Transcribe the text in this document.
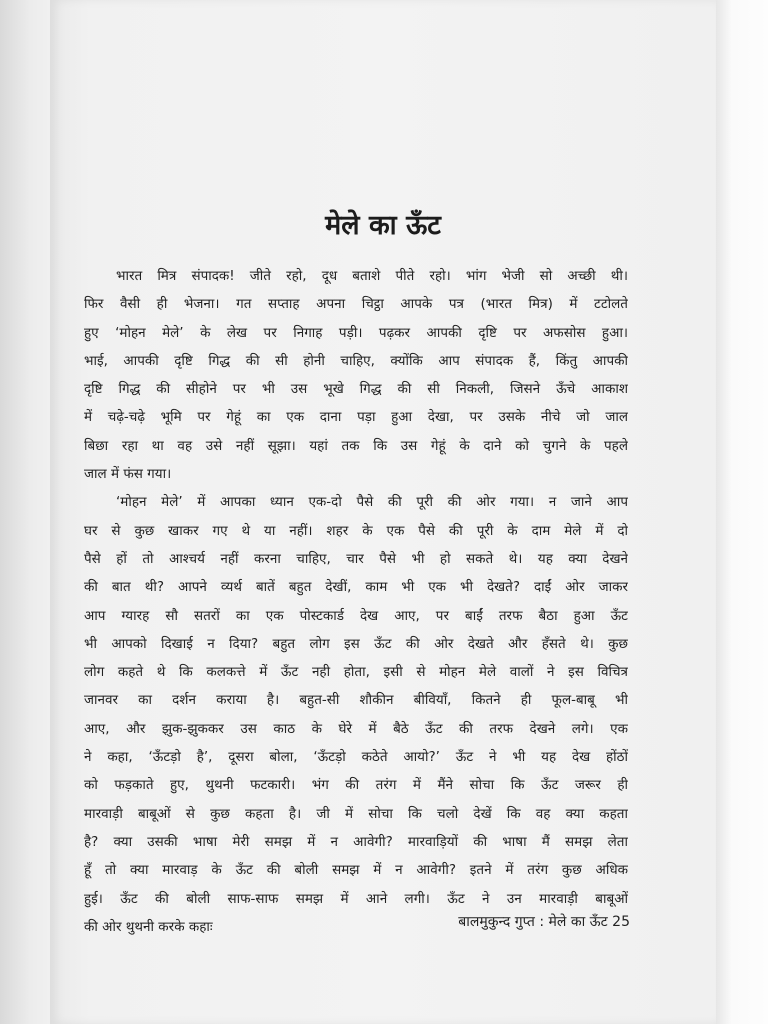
मेले का ऊँट
भारत मित्र संपादक! जीते रहो, दूध बताशे पीते रहो। भांग भेजी सो अच्छी थी।
फिर वैसी ही भेजना। गत सप्ताह अपना चिट्ठा आपके पत्र (भारत मित्र) में टटोलते
हुए ‘मोहन मेले’ के लेख पर निगाह पड़ी। पढ़कर आपकी दृष्टि पर अफसोस हुआ।
भाई, आपकी दृष्टि गिद्ध की सी होनी चाहिए, क्योंकि आप संपादक हैं, किंतु आपकी
दृष्टि गिद्ध की सीहोने पर भी उस भूखे गिद्ध की सी निकली, जिसने ऊँचे आकाश
में चढ़े-चढ़े भूमि पर गेहूं का एक दाना पड़ा हुआ देखा, पर उसके नीचे जो जाल
बिछा रहा था वह उसे नहीं सूझा। यहां तक कि उस गेहूं के दाने को चुगने के पहले
जाल में फंस गया।
‘मोहन मेले’ में आपका ध्यान एक-दो पैसे की पूरी की ओर गया। न जाने आप
घर से कुछ खाकर गए थे या नहीं। शहर के एक पैसे की पूरी के दाम मेले में दो
पैसे हों तो आश्चर्य नहीं करना चाहिए, चार पैसे भी हो सकते थे। यह क्या देखने
की बात थी? आपने व्यर्थ बातें बहुत देखीं, काम भी एक भी देखते? दाईं ओर जाकर
आप ग्यारह सौ सतरों का एक पोस्टकार्ड देख आए, पर बाईं तरफ बैठा हुआ ऊँट
भी आपको दिखाई न दिया? बहुत लोग इस ऊँट की ओर देखते और हँसते थे। कुछ
लोग कहते थे कि कलकत्ते में ऊँट नही होता, इसी से मोहन मेले वालों ने इस विचित्र
जानवर का दर्शन कराया है। बहुत-सी शौकीन बीवियाँ, कितने ही फूल-बाबू भी
आए, और झुक-झुककर उस काठ के घेरे में बैठे ऊँट की तरफ देखने लगे। एक
ने कहा, ‘ऊँटड़ो है’, दूसरा बोला, ‘ऊँटड़ो कठेते आयो?’ ऊँट ने भी यह देख होंठों
को फड़काते हुए, थुथनी फटकारी। भंग की तरंग में मैंने सोचा कि ऊँट जरूर ही
मारवाड़ी बाबूओं से कुछ कहता है। जी में सोचा कि चलो देखें कि वह क्या कहता
है? क्या उसकी भाषा मेरी समझ में न आवेगी? मारवाड़ियों की भाषा मैं समझ लेता
हूँ तो क्या मारवाड़ के ऊँट की बोली समझ में न आवेगी? इतने में तरंग कुछ अधिक
हुई। ऊँट की बोली साफ-साफ समझ में आने लगी। ऊँट ने उन मारवाड़ी बाबूओं
की ओर थुथनी करके कहाः	बालमुकुन्द गुप्त : मेले का ऊँट 25
